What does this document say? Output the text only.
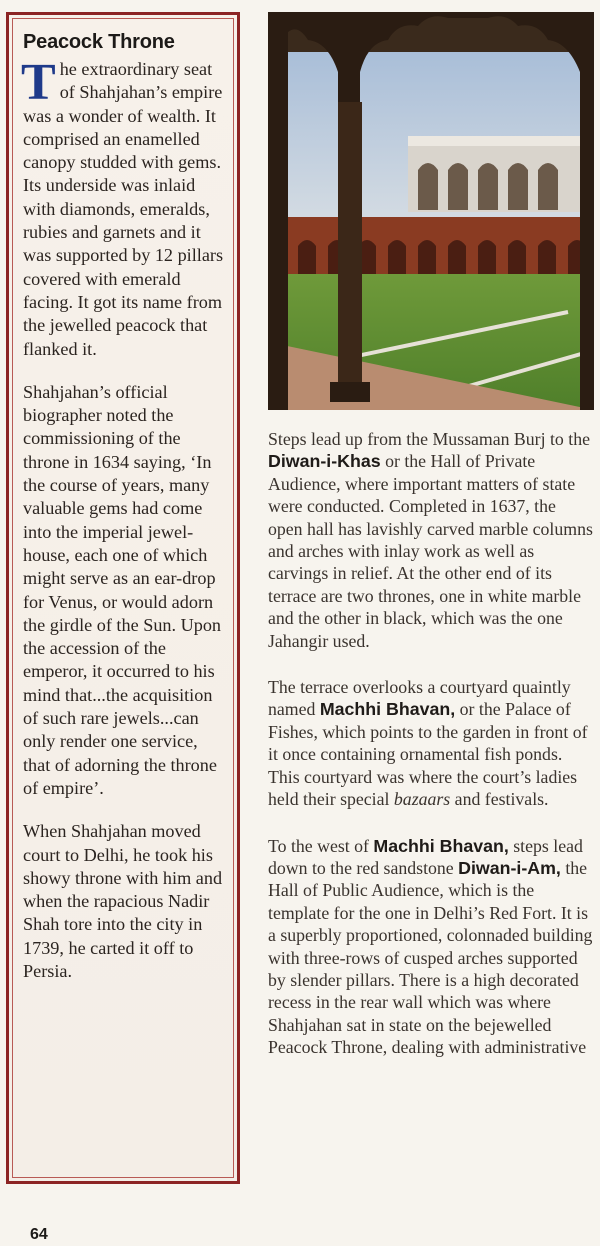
Peacock Throne

The extraordinary seat of Shahjahan’s empire was a wonder of wealth. It comprised an enamelled canopy studded with gems. Its underside was inlaid with diamonds, emeralds, rubies and garnets and it was supported by 12 pillars covered with emerald facing. It got its name from the jewelled peacock that flanked it.

Shahjahan’s official biographer noted the commissioning of the throne in 1634 saying, ‘In the course of years, many valuable gems had come into the imperial jewel-house, each one of which might serve as an ear-drop for Venus, or would adorn the girdle of the Sun. Upon the accession of the emperor, it occurred to his mind that...the acquisition of such rare jewels...can only render one service, that of adorning the throne of empire’.

When Shahjahan moved court to Delhi, he took his showy throne with him and when the rapacious Nadir Shah tore into the city in 1739, he carted it off to Persia.

Steps lead up from the Mussaman Burj to the Diwan-i-Khas or the Hall of Private Audience, where important matters of state were conducted. Completed in 1637, the open hall has lavishly carved marble columns and arches with inlay work as well as carvings in relief. At the other end of its terrace are two thrones, one in white marble and the other in black, which was the one Jahangir used.

The terrace overlooks a courtyard quaintly named Machhi Bhavan, or the Palace of Fishes, which points to the garden in front of it once containing ornamental fish ponds. This courtyard was where the court’s ladies held their special bazaars and festivals.

To the west of Machhi Bhavan, steps lead down to the red sandstone Diwan-i-Am, the Hall of Public Audience, which is the template for the one in Delhi’s Red Fort. It is a superbly proportioned, colonnaded building with three-rows of cusped arches supported by slender pillars. There is a high decorated recess in the rear wall which was where Shahjahan sat in state on the bejewelled Peacock Throne, dealing with administrative

64
